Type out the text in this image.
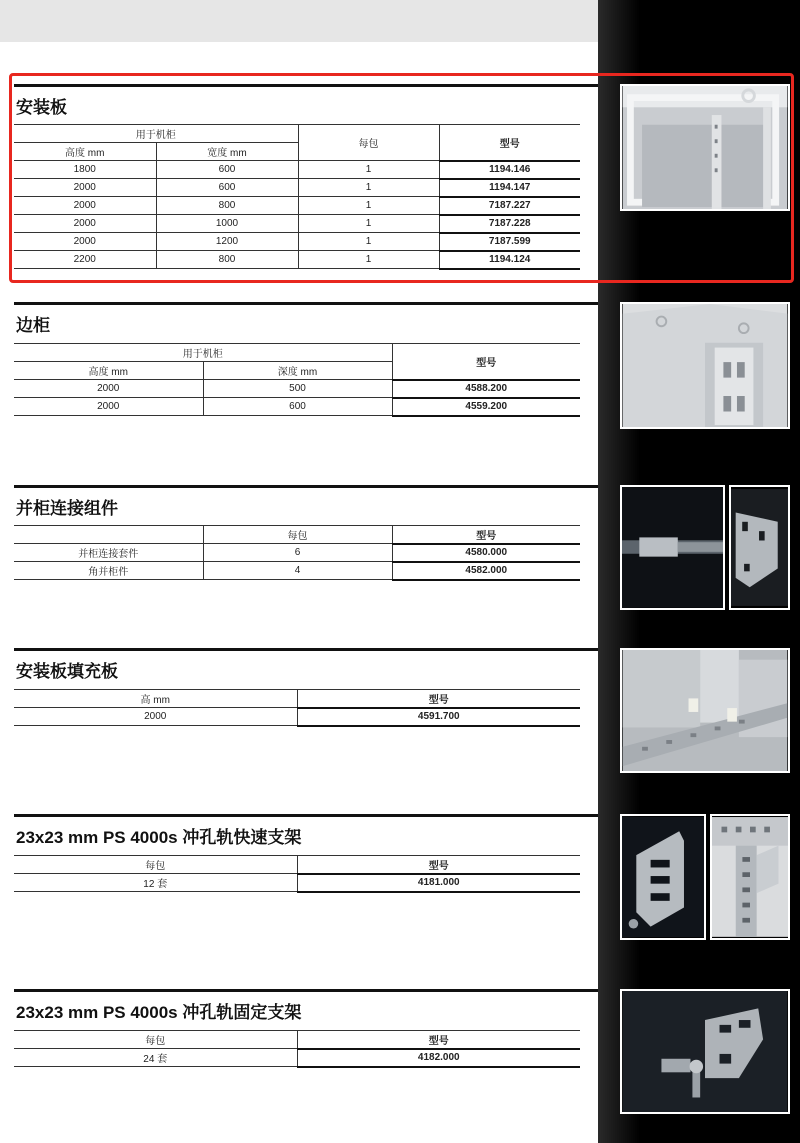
安装板
用于机柜		每包	型号
高度 mm	宽度 mm		
1800	600	1	1194.146
2000	600	1	1194.147
2000	800	1	7187.227
2000	1000	1	7187.228
2000	1200	1	7187.599
2200	800	1	1194.124
边柜
用于机柜		型号
高度 mm	深度 mm	
2000	500	4588.200
2000	600	4559.200
并柜连接组件
	每包	型号
并柜连接套件	6	4580.000
角并柜件	4	4582.000
安装板填充板
高 mm	型号
2000	4591.700
23x23 mm PS 4000s 冲孔轨快速支架
每包	型号
12 套	4181.000
23x23 mm PS 4000s 冲孔轨固定支架
每包	型号
24 套	4182.000
